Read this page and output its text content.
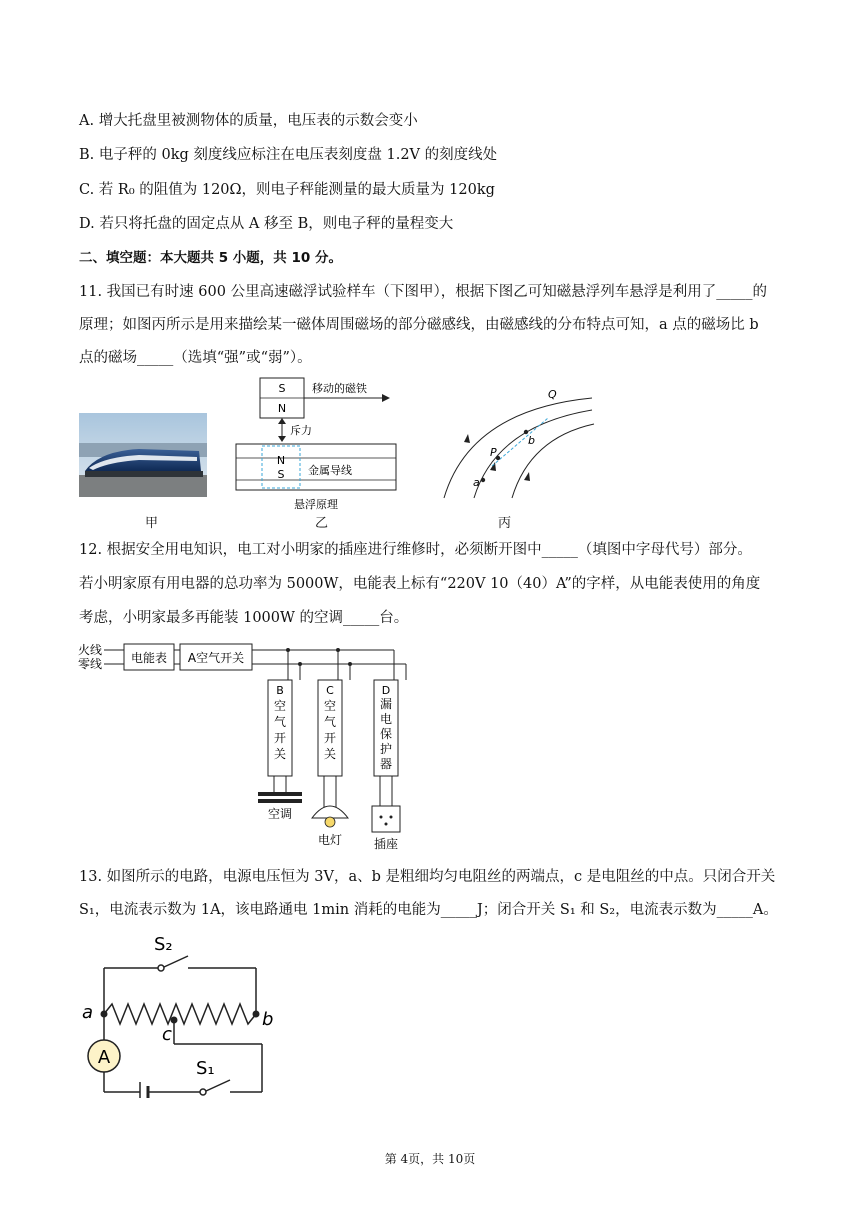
A. 增大托盘里被测物体的质量，电压表的示数会变小
B. 电子秤的 0kg 刻度线应标注在电压表刻度盘 1.2V 的刻度线处
C. 若 R₀ 的阻值为 120Ω，则电子秤能测量的最大质量为 120kg
D. 若只将托盘的固定点从 A 移至 B，则电子秤的量程变大
二、填空题：本大题共 5 小题，共 10 分。
11. 我国已有时速 600 公里高速磁浮试验样车（下图甲），根据下图乙可知磁悬浮列车悬浮是利用了_____的
原理；如图丙所示是用来描绘某一磁体周围磁场的部分磁感线，由磁感线的分布特点可知，a 点的磁场比 b
点的磁场_____（选填“强”或“弱”）。
甲
S
N
移动的磁铁
斥力
N
S 金属导线
悬浮原理
乙
Q
P
a
b
丙
12. 根据安全用电知识，电工对小明家的插座进行维修时，必须断开图中_____（填图中字母代号）部分。
若小明家原有用电器的总功率为 5000W，电能表上标有“220V 10（40）A”的字样，从电能表使用的角度
考虑，小明家最多再能装 1000W 的空调_____台。
火线
零线 电能表 A空气开关
B
空
气
开
关
C
空
气
开
关
D
漏
电
保
护
器
空调
电灯	插座
13. 如图所示的电路，电源电压恒为 3V，a、b 是粗细均匀电阻丝的两端点，c 是电阻丝的中点。只闭合开关
S₁，电流表示数为 1A，该电路通电 1min 消耗的电能为_____J；闭合开关 S₁ 和 S₂，电流表示数为_____A。
S₂
a	b
c
A
S₁
第 4页，共 10页
